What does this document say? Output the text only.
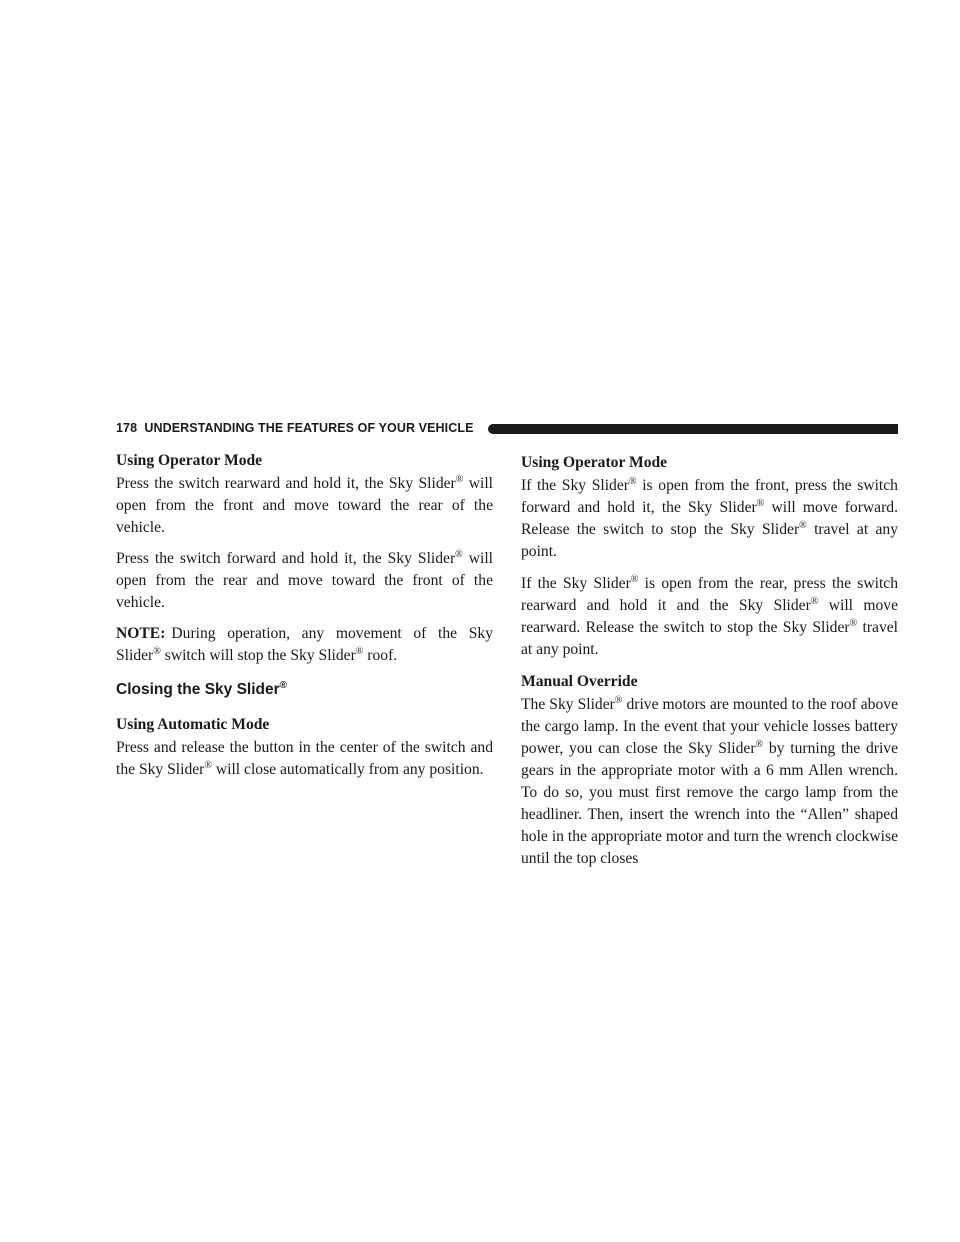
178 UNDERSTANDING THE FEATURES OF YOUR VEHICLE
Using Operator Mode

Press the switch rearward and hold it, the Sky Slider® will open from the front and move toward the rear of the vehicle.

Press the switch forward and hold it, the Sky Slider® will open from the rear and move toward the front of the vehicle.

NOTE: During operation, any movement of the Sky Slider® switch will stop the Sky Slider® roof.

Closing the Sky Slider®
Using Automatic Mode

Press and release the button in the center of the switch and the Sky Slider® will close automatically from any position.

Using Operator Mode

If the Sky Slider® is open from the front, press the switch forward and hold it, the Sky Slider® will move forward. Release the switch to stop the Sky Slider® travel at any point.

If the Sky Slider® is open from the rear, press the switch rearward and hold it and the Sky Slider® will move rearward. Release the switch to stop the Sky Slider® travel at any point.

Manual Override

The Sky Slider® drive motors are mounted to the roof above the cargo lamp. In the event that your vehicle losses battery power, you can close the Sky Slider® by turning the drive gears in the appropriate motor with a 6 mm Allen wrench. To do so, you must first remove the cargo lamp from the headliner. Then, insert the wrench into the “Allen” shaped hole in the appropriate motor and turn the wrench clockwise until the top closes
